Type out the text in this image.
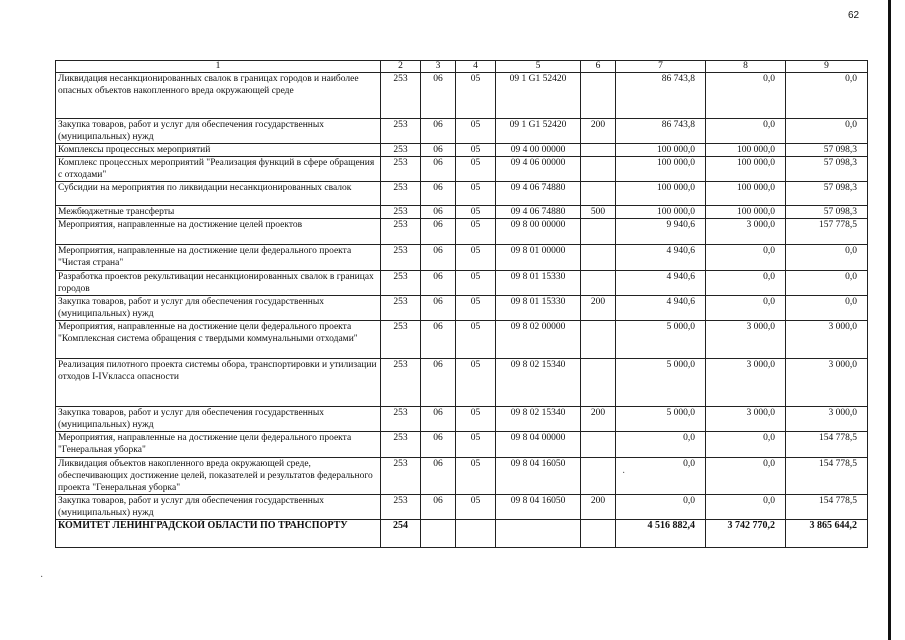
62
1	2	3	4	5	6	7	8	9
Ликвидация несанкционированных свалок в границах городов и наиболее опасных объектов накопленного вреда окружающей среде	253	06	05	09 1 G1 52420		86 743,8	0,0	0,0
Закупка товаров, работ и услуг для обеспечения государственных (муниципальных) нужд	253	06	05	09 1 G1 52420	200	86 743,8	0,0	0,0
Комплексы процессных мероприятий	253	06	05	09 4 00 00000		100 000,0	100 000,0	57 098,3
Комплекс процессных мероприятий "Реализация функций в сфере обращения с отходами"	253	06	05	09 4 06 00000		100 000,0	100 000,0	57 098,3
Субсидии на мероприятия по ликвидации несанкционированных свалок	253	06	05	09 4 06 74880		100 000,0	100 000,0	57 098,3
Межбюджетные трансферты	253	06	05	09 4 06 74880	500	100 000,0	100 000,0	57 098,3
Мероприятия, направленные на достижение целей проектов	253	06	05	09 8 00 00000		9 940,6	3 000,0	157 778,5
Мероприятия, направленные на достижение цели федерального проекта "Чистая страна"	253	06	05	09 8 01 00000		4 940,6	0,0	0,0
Разработка проектов рекультивации несанкционированных свалок в границах городов	253	06	05	09 8 01 15330		4 940,6	0,0	0,0
Закупка товаров, работ и услуг для обеспечения государственных (муниципальных) нужд	253	06	05	09 8 01 15330	200	4 940,6	0,0	0,0
Мероприятия, направленные на достижение цели федерального проекта "Комплексная система обращения с твердыми коммунальными отходами"	253	06	05	09 8 02 00000		5 000,0	3 000,0	3 000,0
Реализация пилотного проекта системы обора, транспортировки и утилизации отходов I-IVкласса опасности	253	06	05	09 8 02 15340		5 000,0	3 000,0	3 000,0
Закупка товаров, работ и услуг для обеспечения государственных (муниципальных) нужд	253	06	05	09 8 02 15340	200	5 000,0	3 000,0	3 000,0
Мероприятия, направленные на достижение цели федерального проекта "Генеральная уборка"	253	06	05	09 8 04 00000		0,0	0,0	154 778,5
Ликвидация объектов накопленного вреда окружающей среде, обеспечивающих достижение целей, показателей и результатов федерального проекта "Генеральная уборка"	253	06	05	09 8 04 16050		0,0	0,0	154 778,5
Закупка товаров, работ и услуг для обеспечения государственных (муниципальных) нужд	253	06	05	09 8 04 16050	200	0,0	0,0	154 778,5
КОМИТЕТ ЛЕНИНГРАДСКОЙ ОБЛАСТИ ПО ТРАНСПОРТУ	254					4 516 882,4	3 742 770,2	3 865 644,2
·
·
